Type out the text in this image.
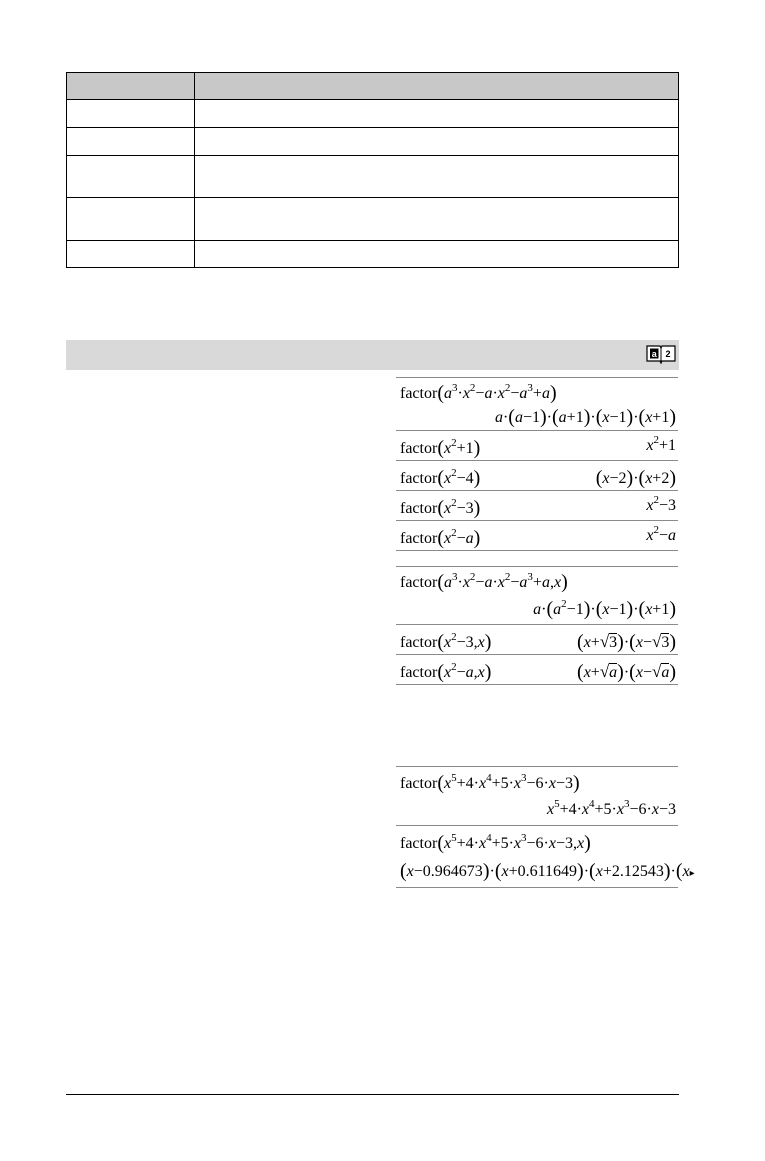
a 2
$factor(a^3\cdot x^2-a\cdot x^2-a^3+a)$
a·(a−1)·(a+1)·(x−1)·(x+1)
$factor(x^2+1)$	$x^2+1$
$factor(x^2-4)$	(x−2)·(x+2)
$factor(x^2-3)$	$x^2-3$
$factor(x^2-a)$	$x^2-a$
$factor(a^3\cdot x^2-a\cdot x^2-a^3+a,x)$
$a\cdot(a^2-1)\cdot(x-1)\cdot(x+1)$
$factor(x^2-3,x)$	(x+√3)·(x−√3)
$factor(x^2-a,x)$	(x+√a)·(x−√a)
$factor(x^5+4\cdot x^4+5\cdot x^3-6\cdot x-3)$
$x^5+4\cdot x^4+5\cdot x^3-6\cdot x-3$
$factor(x^5+4\cdot x^4+5\cdot x^3-6\cdot x-3,x)$
(x−0.964673)·(x+0.611649)·(x+2.12543)·(x▸
